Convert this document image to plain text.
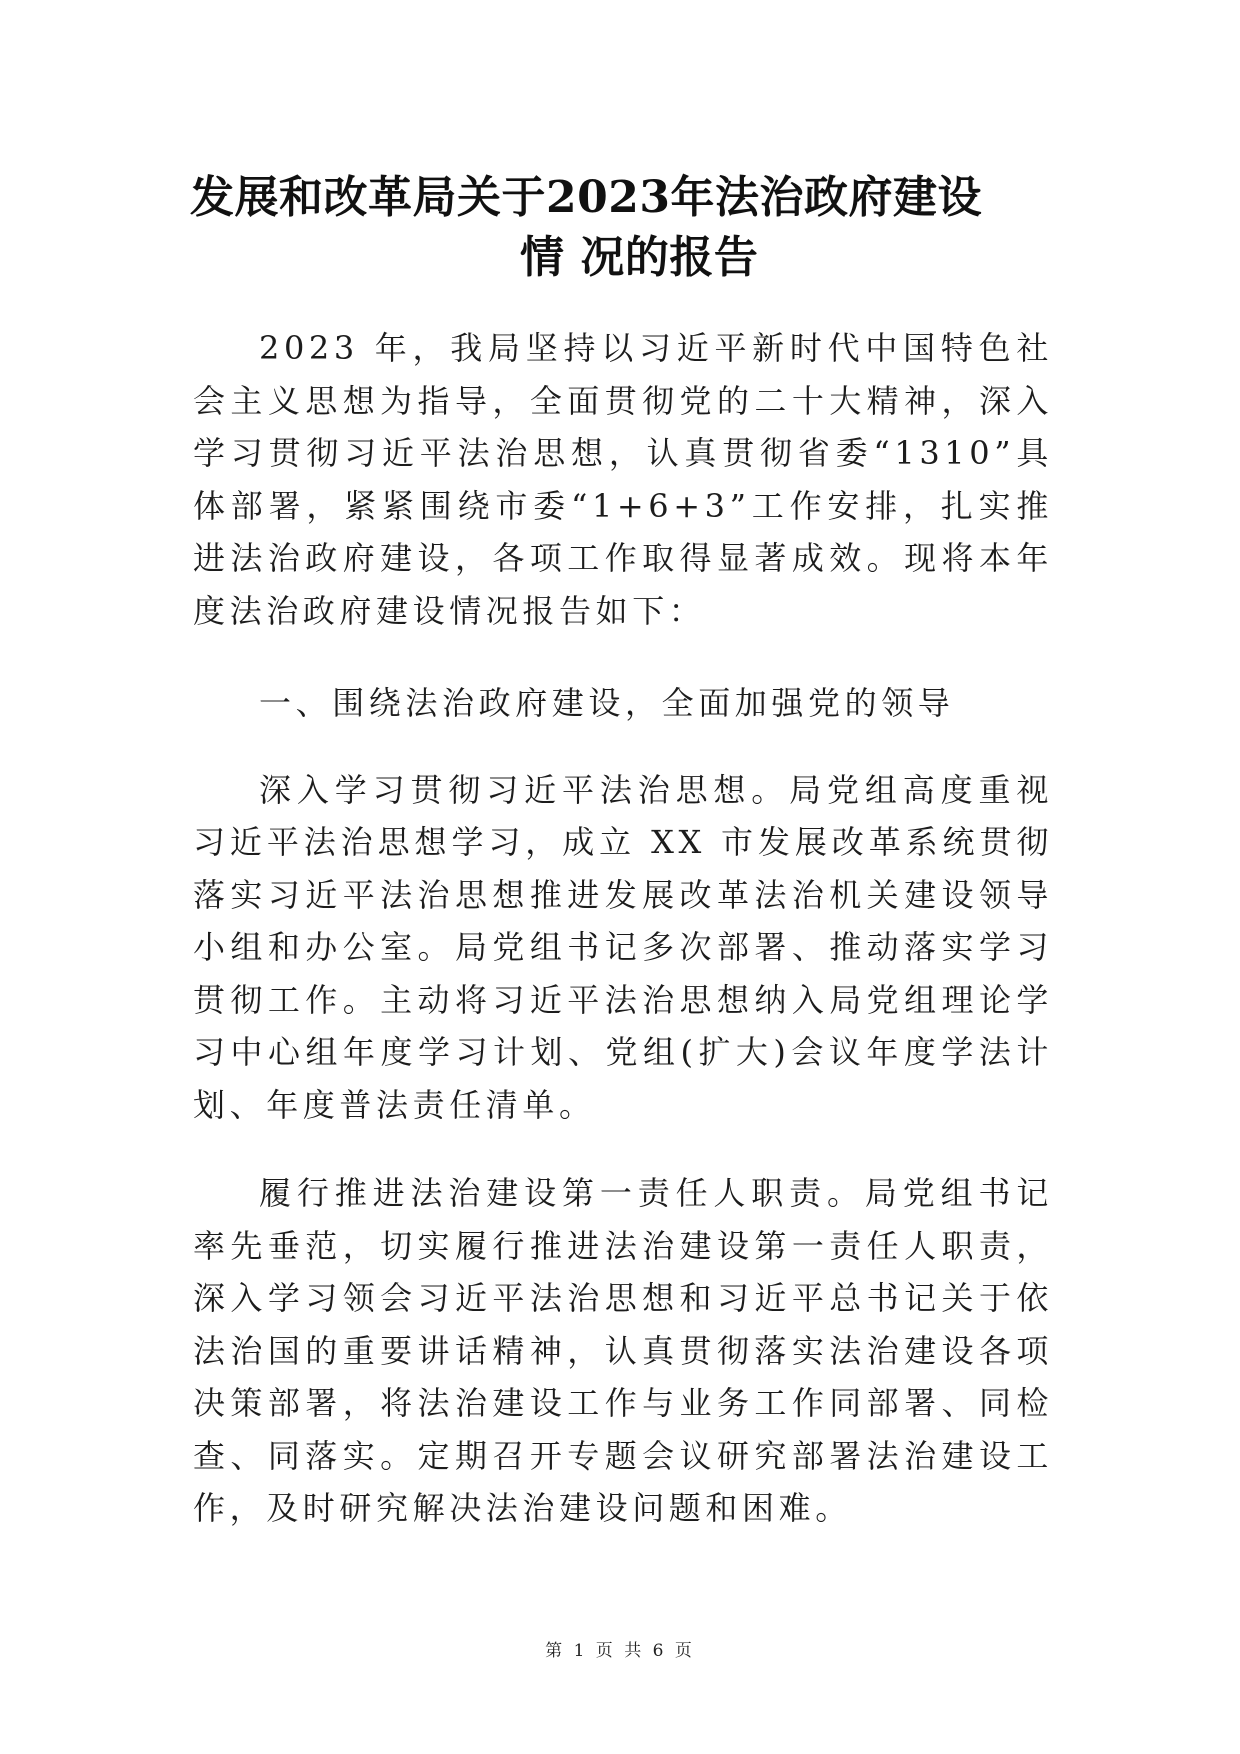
发展和改革局关于2023年法治政府建设
情 况的报告

2023 年，我局坚持以习近平新时代中国特色社会主义思想为指导，全面贯彻党的二十大精神，深入学习贯彻习近平法治思想，认真贯彻省委“1310”具体部署，紧紧围绕市委“1+6+3”工作安排，扎实推进法治政府建设，各项工作取得显著成效。现将本年度法治政府建设情况报告如下：

一、围绕法治政府建设，全面加强党的领导

深入学习贯彻习近平法治思想。局党组高度重视习近平法治思想学习，成立 XX 市发展改革系统贯彻落实习近平法治思想推进发展改革法治机关建设领导小组和办公室。局党组书记多次部署、推动落实学习贯彻工作。主动将习近平法治思想纳入局党组理论学习中心组年度学习计划、党组(扩大)会议年度学法计划、年度普法责任清单。

履行推进法治建设第一责任人职责。局党组书记率先垂范，切实履行推进法治建设第一责任人职责，深入学习领会习近平法治思想和习近平总书记关于依法治国的重要讲话精神，认真贯彻落实法治建设各项决策部署，将法治建设工作与业务工作同部署、同检查、同落实。定期召开专题会议研究部署法治建设工作，及时研究解决法治建设问题和困难。

第 1 页 共 6 页
